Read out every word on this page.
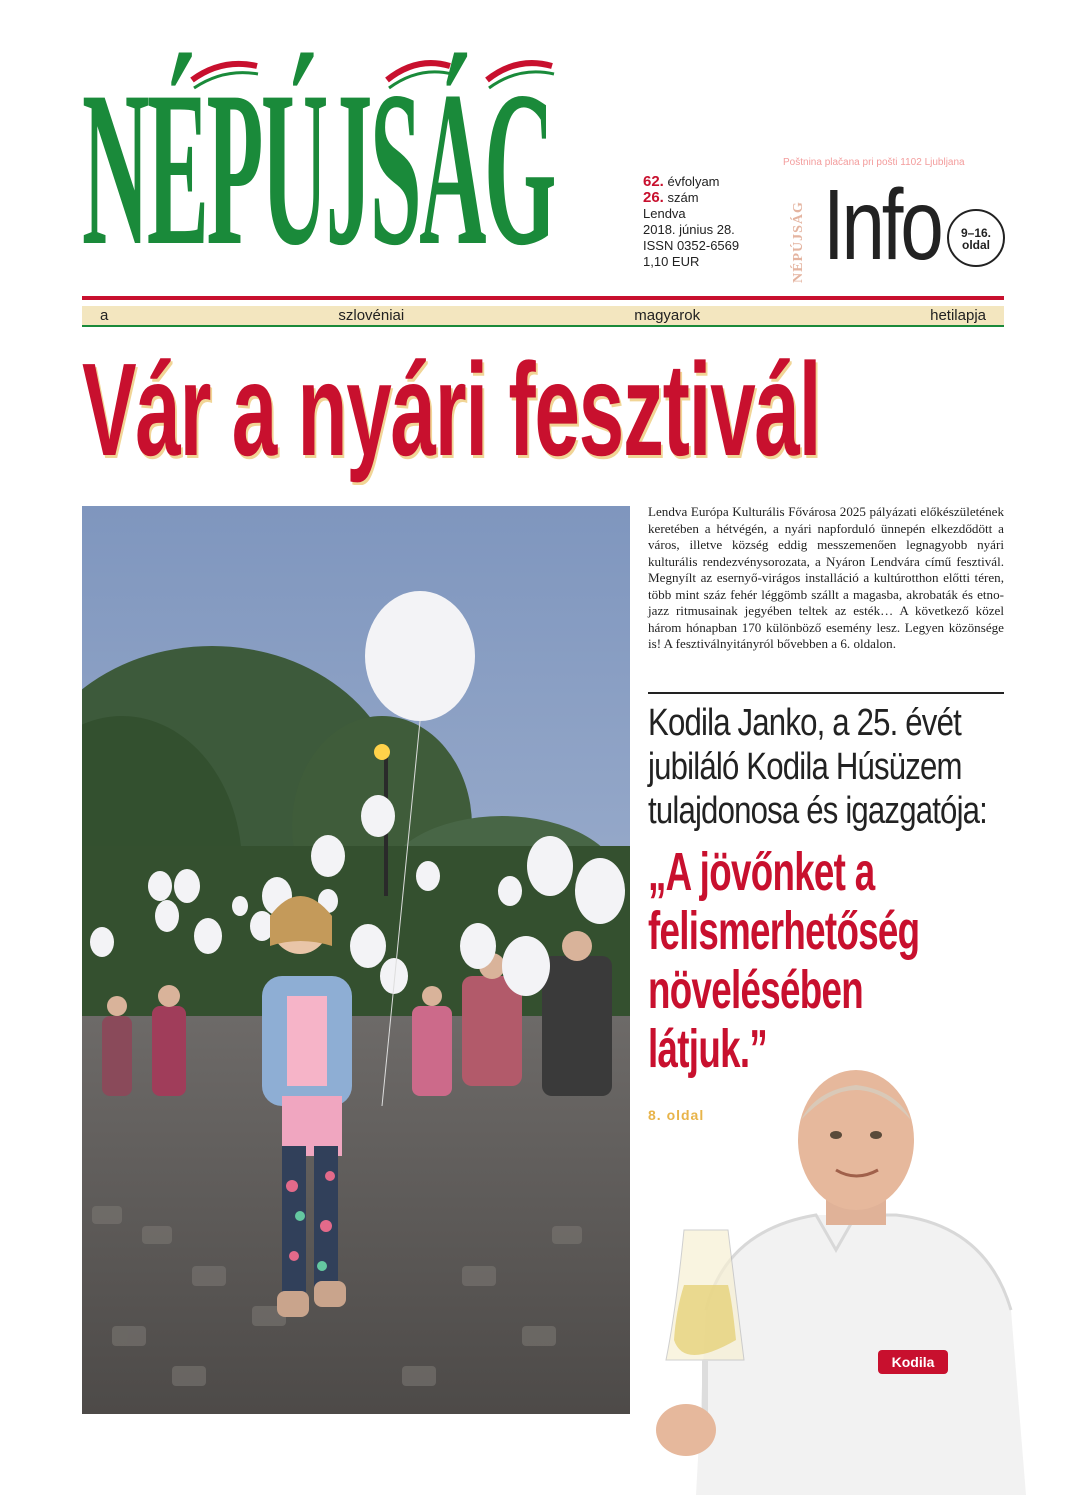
NÉPÚJSÁG	62. évfolyam
26. szám
Lendva
2018. június 28.
ISSN 0352-6569
1,10 EUR
Poštnina plačana pri pošti 1102 Ljubljana
NÉPÚJSÁG Info	9–16.
oldal
a szlovéniai magyarok hetilapja
Vár a nyári fesztivál
Lendva Európa Kulturális Fővárosa 2025 pályázati előkészületének keretében a hétvégén, a nyári napforduló ünnepén elkezdődött a város, illetve község eddig messzemenően legnagyobb nyári kulturális rendezvénysorozata, a Nyáron Lendvára című fesztivál. Megnyílt az esernyő-virágos installáció a kultúrotthon előtti téren, több mint száz fehér léggömb szállt a magasba, akrobaták és etno-jazz ritmusainak jegyében teltek az esték… A következő közel három hónapban 170 különböző esemény lesz. Legyen közönsége is! A fesztiválnyitányról bővebben a 6. oldalon.
Kodila Janko, a 25. évét
jubiláló Kodila Húsüzem
tulajdonosa és igazgatója:
Kodila
„A jövőnket a
felismerhetőség
növelésében
látjuk.”
8. oldal
